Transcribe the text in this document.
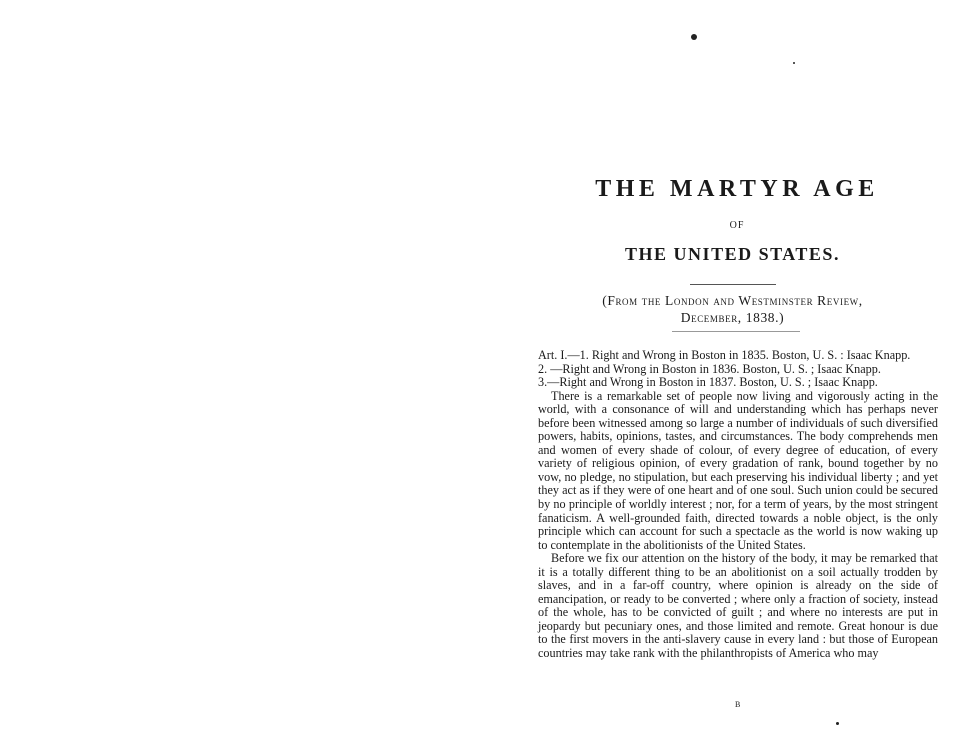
THE MARTYR AGE
OF
THE UNITED STATES.
(From the London and Westminster Review,
December, 1838.)

Art. I.—1. Right and Wrong in Boston in 1835. Boston, U. S. : Isaac Knapp.

2. —Right and Wrong in Boston in 1836. Boston, U. S. ; Isaac Knapp.

3.—Right and Wrong in Boston in 1837. Boston, U. S. ; Isaac Knapp.

There is a remarkable set of people now living and vigorously acting in the world, with a consonance of will and understanding which has perhaps never before been witnessed among so large a number of individuals of such diversified powers, habits, opinions, tastes, and circumstances. The body comprehends men and women of every shade of colour, of every degree of education, of every variety of religious opinion, of every gradation of rank, bound together by no vow, no pledge, no stipulation, but each preserving his individual liberty ; and yet they act as if they were of one heart and of one soul. Such union could be secured by no principle of worldly interest ; nor, for a term of years, by the most stringent fanaticism. A well-grounded faith, directed towards a noble object, is the only principle which can account for such a spectacle as the world is now waking up to contemplate in the abolitionists of the United States.

Before we fix our attention on the history of the body, it may be remarked that it is a totally different thing to be an abolitionist on a soil actually trodden by slaves, and in a far-off country, where opinion is already on the side of emancipation, or ready to be converted ; where only a fraction of society, instead of the whole, has to be convicted of guilt ; and where no interests are put in jeopardy but pecuniary ones, and those limited and remote. Great honour is due to the first movers in the anti-slavery cause in every land : but those of European countries may take rank with the philanthropists of America who may

B
